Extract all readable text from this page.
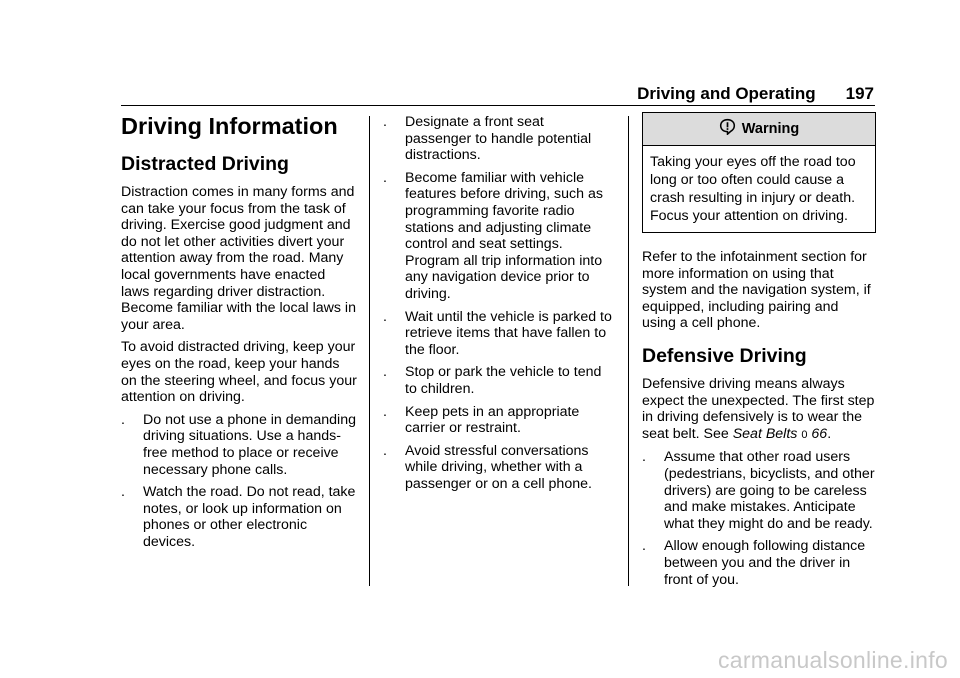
Driving and Operating 197
Driving Information
Distracted Driving

Distraction comes in many forms and can take your focus from the task of driving. Exercise good judgment and do not let other activities divert your attention away from the road. Many local governments have enacted laws regarding driver distraction. Become familiar with the local laws in your area.

To avoid distracted driving, keep your eyes on the road, keep your hands on the steering wheel, and focus your attention on driving.

.	Do not use a phone in demanding driving situations. Use a hands-free method to place or receive necessary phone calls.
.	Watch the road. Do not read, take notes, or look up information on phones or other electronic devices.
.	Designate a front seat passenger to handle potential distractions.
.	Become familiar with vehicle features before driving, such as programming favorite radio stations and adjusting climate control and seat settings. Program all trip information into any navigation device prior to driving.
.	Wait until the vehicle is parked to retrieve items that have fallen to the floor.
.	Stop or park the vehicle to tend to children.
.	Keep pets in an appropriate carrier or restraint.
.	Avoid stressful conversations while driving, whether with a passenger or on a cell phone.
Warning
Taking your eyes off the road too long or too often could cause a crash resulting in injury or death. Focus your attention on driving.

Refer to the infotainment section for more information on using that system and the navigation system, if equipped, including pairing and using a cell phone.

Defensive Driving

Defensive driving means always expect the unexpected. The first step in driving defensively is to wear the seat belt. See Seat Belts 0 66.

.	Assume that other road users (pedestrians, bicyclists, and other drivers) are going to be careless and make mistakes. Anticipate what they might do and be ready.
.	Allow enough following distance between you and the driver in front of you.
carmanualsonline.info
